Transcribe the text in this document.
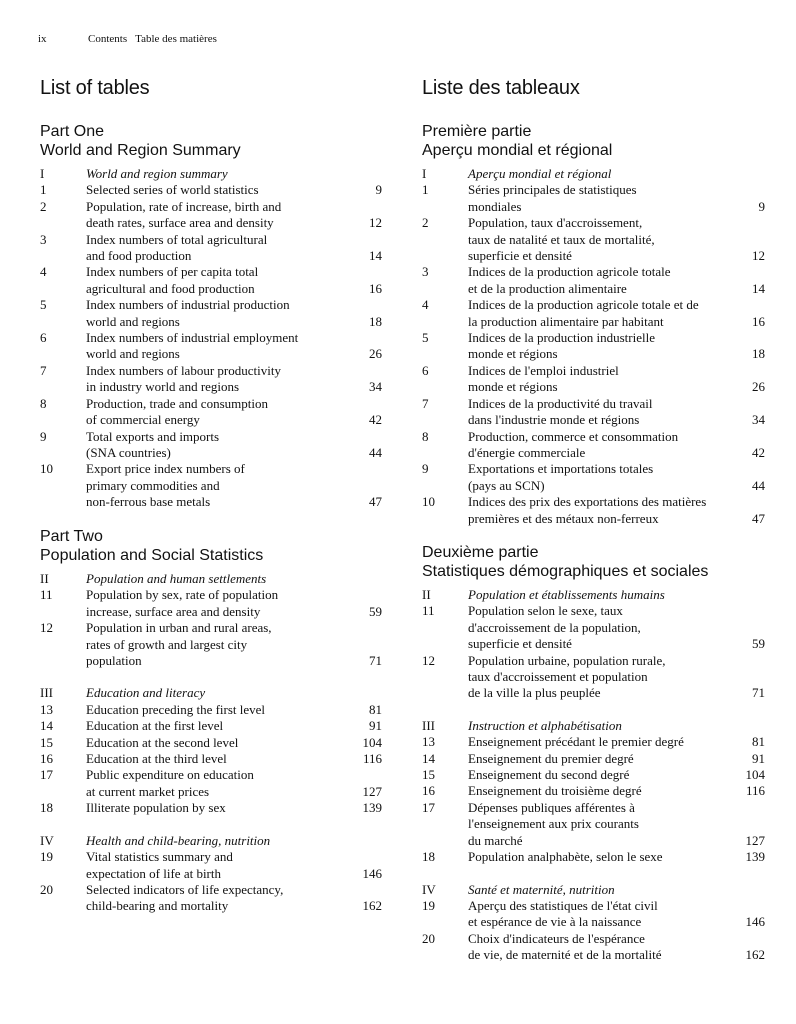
ix	Contents   Table des matières
List of tables
Part One
World and Region Summary
I	World and region summary
1	Selected series of world statistics	9
2	Population, rate of increase, birth and
death rates, surface area and density	12
3	Index numbers of total agricultural
and food production	14
4	Index numbers of per capita total
agricultural and food production	16
5	Index numbers of industrial production
world and regions	18
6	Index numbers of industrial employment
world and regions	26
7	Index numbers of labour productivity
in industry world and regions	34
8	Production, trade and consumption
of commercial energy	42
9	Total exports and imports
(SNA countries)	44
10	Export price index numbers of
primary commodities and
non-ferrous base metals	47
Part Two
Population and Social Statistics
II	Population and human settlements
11	Population by sex, rate of population
increase, surface area and density	59
12	Population in urban and rural areas,
rates of growth and largest city
population	71
III	Education and literacy
13	Education preceding the first level	81
14	Education at the first level	91
15	Education at the second level	104
16	Education at the third level	116
17	Public expenditure on education
at current market prices	127
18	Illiterate population by sex	139
IV	Health and child-bearing, nutrition
19	Vital statistics summary and
expectation of life at birth	146
20	Selected indicators of life expectancy,
child-bearing and mortality	162
Liste des tableaux
Première partie
Aperçu mondial et régional
I	Aperçu mondial et régional
1	Séries principales de statistiques
mondiales	9
2	Population, taux d'accroissement,
taux de natalité et taux de mortalité,
superficie et densité	12
3	Indices de la production agricole totale
et de la production alimentaire	14
4	Indices de la production agricole totale et de
la production alimentaire par habitant	16
5	Indices de la production industrielle
monde et régions	18
6	Indices de l'emploi industriel
monde et régions	26
7	Indices de la productivité du travail
dans l'industrie monde et régions	34
8	Production, commerce et consommation
d'énergie commerciale	42
9	Exportations et importations totales
(pays au SCN)	44
10	Indices des prix des exportations des matières
premières et des métaux non-ferreux	47
Deuxième partie
Statistiques démographiques et sociales
II	Population et établissements humains
11	Population selon le sexe, taux
d'accroissement de la population,
superficie et densité	59
12	Population urbaine, population rurale,
taux d'accroissement et population
de la ville la plus peuplée	71
III	Instruction et alphabétisation
13	Enseignement précédant le premier degré	81
14	Enseignement du premier degré	91
15	Enseignement du second degré	104
16	Enseignement du troisième degré	116
17	Dépenses publiques afférentes à
l'enseignement aux prix courants
du marché	127
18	Population analphabète, selon le sexe	139
IV	Santé et maternité, nutrition
19	Aperçu des statistiques de l'état civil
et espérance de vie à la naissance	146
20	Choix d'indicateurs de l'espérance
de vie, de maternité et de la mortalité	162
